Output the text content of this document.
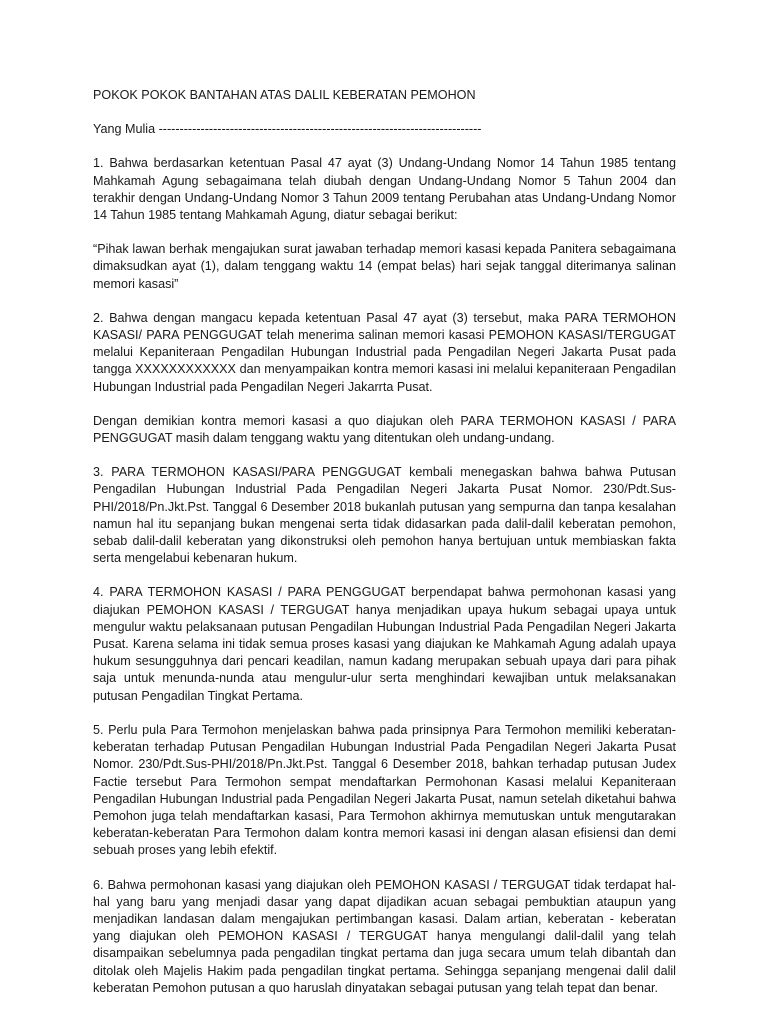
POKOK POKOK BANTAHAN ATAS DALIL KEBERATAN PEMOHON
Yang Mulia -----------------------------------------------------------------------------

1. Bahwa berdasarkan ketentuan Pasal 47 ayat (3) Undang-Undang Nomor 14 Tahun 1985 tentang Mahkamah Agung sebagaimana telah diubah dengan Undang-Undang Nomor 5 Tahun 2004 dan terakhir dengan Undang-Undang Nomor 3 Tahun 2009 tentang Perubahan atas Undang-Undang Nomor 14 Tahun 1985 tentang Mahkamah Agung, diatur sebagai berikut:

“Pihak lawan berhak mengajukan surat jawaban terhadap memori kasasi kepada Panitera sebagaimana dimaksudkan ayat (1), dalam tenggang waktu 14 (empat belas) hari sejak tanggal diterimanya salinan memori kasasi”

2. Bahwa dengan mangacu kepada ketentuan Pasal 47 ayat (3) tersebut, maka PARA TERMOHON KASASI/ PARA PENGGUGAT telah menerima salinan memori kasasi PEMOHON KASASI/TERGUGAT melalui Kepaniteraan Pengadilan Hubungan Industrial pada Pengadilan Negeri Jakarta Pusat pada tangga XXXXXXXXXXXX dan menyampaikan kontra memori kasasi ini melalui kepaniteraan Pengadilan Hubungan Industrial pada Pengadilan Negeri Jakarrta Pusat.

Dengan demikian kontra memori kasasi a quo diajukan oleh PARA TERMOHON KASASI / PARA PENGGUGAT masih dalam tenggang waktu yang ditentukan oleh undang-undang.

3. PARA TERMOHON KASASI/PARA PENGGUGAT kembali menegaskan bahwa bahwa Putusan Pengadilan Hubungan Industrial Pada Pengadilan Negeri Jakarta Pusat Nomor. 230/Pdt.Sus-PHI/2018/Pn.Jkt.Pst. Tanggal 6 Desember 2018 bukanlah putusan yang sempurna dan tanpa kesalahan namun hal itu sepanjang bukan mengenai serta tidak didasarkan pada dalil-dalil keberatan pemohon, sebab dalil-dalil keberatan yang dikonstruksi oleh pemohon hanya bertujuan untuk membiaskan fakta serta mengelabui kebenaran hukum.

4. PARA TERMOHON KASASI / PARA PENGGUGAT berpendapat bahwa permohonan kasasi yang diajukan PEMOHON KASASI / TERGUGAT hanya menjadikan upaya hukum sebagai upaya untuk mengulur waktu pelaksanaan putusan Pengadilan Hubungan Industrial Pada Pengadilan Negeri Jakarta Pusat. Karena selama ini tidak semua proses kasasi yang diajukan ke Mahkamah Agung adalah upaya hukum sesungguhnya dari pencari keadilan, namun kadang merupakan sebuah upaya dari para pihak saja untuk menunda-nunda atau mengulur-ulur serta menghindari kewajiban untuk melaksanakan putusan Pengadilan Tingkat Pertama.

5. Perlu pula Para Termohon menjelaskan bahwa pada prinsipnya Para Termohon memiliki keberatan-keberatan terhadap Putusan Pengadilan Hubungan Industrial Pada Pengadilan Negeri Jakarta Pusat Nomor. 230/Pdt.Sus-PHI/2018/Pn.Jkt.Pst. Tanggal 6 Desember 2018, bahkan terhadap putusan Judex Factie tersebut Para Termohon sempat mendaftarkan Permohonan Kasasi melalui Kepaniteraan Pengadilan Hubungan Industrial pada Pengadilan Negeri Jakarta Pusat, namun setelah diketahui bahwa Pemohon juga telah mendaftarkan kasasi, Para Termohon akhirnya memutuskan untuk mengutarakan keberatan-keberatan Para Termohon dalam kontra memori kasasi ini dengan alasan efisiensi dan demi sebuah proses yang lebih efektif.

6. Bahwa permohonan kasasi yang diajukan oleh PEMOHON KASASI / TERGUGAT tidak terdapat hal-hal yang baru yang menjadi dasar yang dapat dijadikan acuan sebagai pembuktian ataupun yang menjadikan landasan dalam mengajukan pertimbangan kasasi. Dalam artian, keberatan - keberatan yang diajukan oleh PEMOHON KASASI / TERGUGAT hanya mengulangi dalil-dalil yang telah disampaikan sebelumnya pada pengadilan tingkat pertama dan juga secara umum telah dibantah dan ditolak oleh Majelis Hakim pada pengadilan tingkat pertama. Sehingga sepanjang mengenai dalil dalil keberatan Pemohon putusan a quo haruslah dinyatakan sebagai putusan yang telah tepat dan benar.
